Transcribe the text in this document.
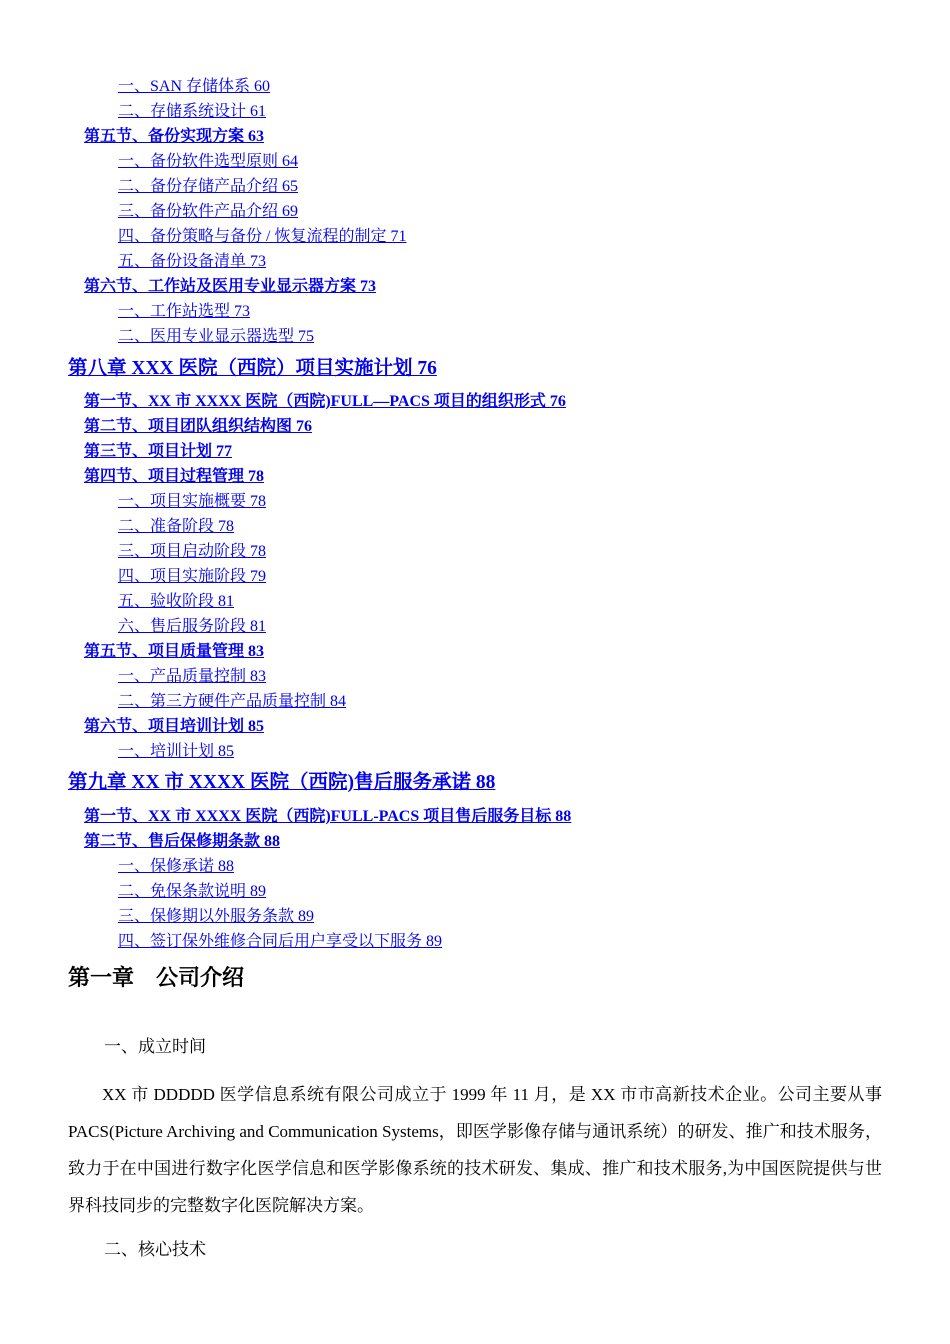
一、SAN 存储体系 60
二、存储系统设计 61
第五节、备份实现方案 63
一、备份软件选型原则 64
二、备份存储产品介绍 65
三、备份软件产品介绍 69
四、备份策略与备份 / 恢复流程的制定 71
五、备份设备清单 73
第六节、工作站及医用专业显示器方案 73
一、工作站选型 73
二、医用专业显示器选型 75
第八章 XXX 医院（西院）项目实施计划 76
第一节、XX 市 XXXX 医院（西院)FULL—PACS 项目的组织形式 76
第二节、项目团队组织结构图 76
第三节、项目计划 77
第四节、项目过程管理 78
一、项目实施概要 78
二、准备阶段 78
三、项目启动阶段 78
四、项目实施阶段 79
五、验收阶段 81
六、售后服务阶段 81
第五节、项目质量管理 83
一、产品质量控制 83
二、第三方硬件产品质量控制 84
第六节、项目培训计划 85
一、培训计划 85
第九章 XX 市 XXXX 医院（西院)售后服务承诺 88
第一节、XX 市 XXXX 医院（西院)FULL-PACS 项目售后服务目标 88
第二节、售后保修期条款 88
一、保修承诺 88
二、免保条款说明 89
三、保修期以外服务条款 89
四、签订保外维修合同后用户享受以下服务 89
第一章　公司介绍
一、成立时间
XX 市 DDDDD 医学信息系统有限公司成立于 1999 年 11 月，是 XX 市市高新技术企业。公司主要从事 PACS(Picture Archiving and Communication Systems，即医学影像存储与通讯系统）的研发、推广和技术服务，致力于在中国进行数字化医学信息和医学影像系统的技术研发、集成、推广和技术服务,为中国医院提供与世界科技同步的完整数字化医院解决方案。
二、核心技术
